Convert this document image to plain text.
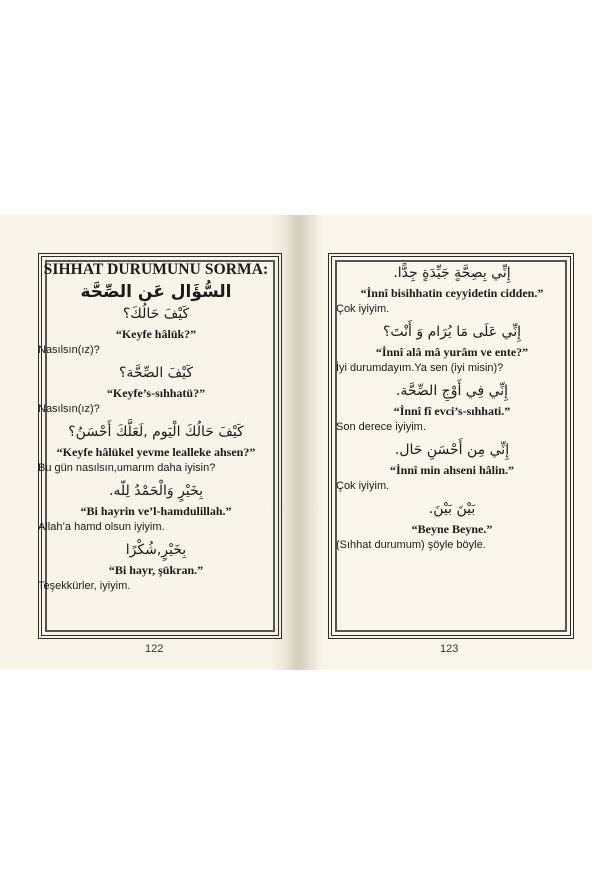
SIHHAT DURUMUNU SORMA:
السُّؤَال عَن الصِّحَّة
كَيْفَ حَالُكَ؟
“Keyfe hâlük?”
Nasılsın(ız)?
كَيْفَ الصِّحَّة؟
“Keyfe’s-sıhhatü?”
Nasılsın(ız)?
كَيْفَ حَالُكَ الْيَوم ,لَعَلَّكَ أَحْسَنُ؟
“Keyfe hâlükel yevme lealleke ahsen?”
Bu gün nasılsın,umarım daha iyisin?
بِخَيْرٍ وَالْحَمْدُ لِلّه.
“Bi hayrin ve’l-hamdulillah.”
Allah’a hamd olsun iyiyim.
بِخَيْرٍ,شُكْرًا
“Bi hayr, şükran.”
Teşekkürler, iyiyim.
122
إِنِّي بِصِحَّةٍ جَيِّدَةٍ جِدًّا.
“İnnî bisihhatin ceyyidetin cidden.”
Çok iyiyim.
إِنِّي عَلَى مَا يُرَام وَ أَنْتَ؟
“İnnî alâ mâ yurâm ve ente?”
İyi durumdayım.Ya sen (iyi misin)?
إِنِّي فِي أَوْجِ الصِّحَّة.
“İnnî fî evci’s-sıhhati.”
Son derece iyiyim.
إِنِّي مِن أَحْسَنِ حَال.
“İnnî min ahseni hâlin.”
Çok iyiyim.
بَيْنَ بَيْنَ.
“Beyne Beyne.”
(Sıhhat durumum) şöyle böyle.
123
